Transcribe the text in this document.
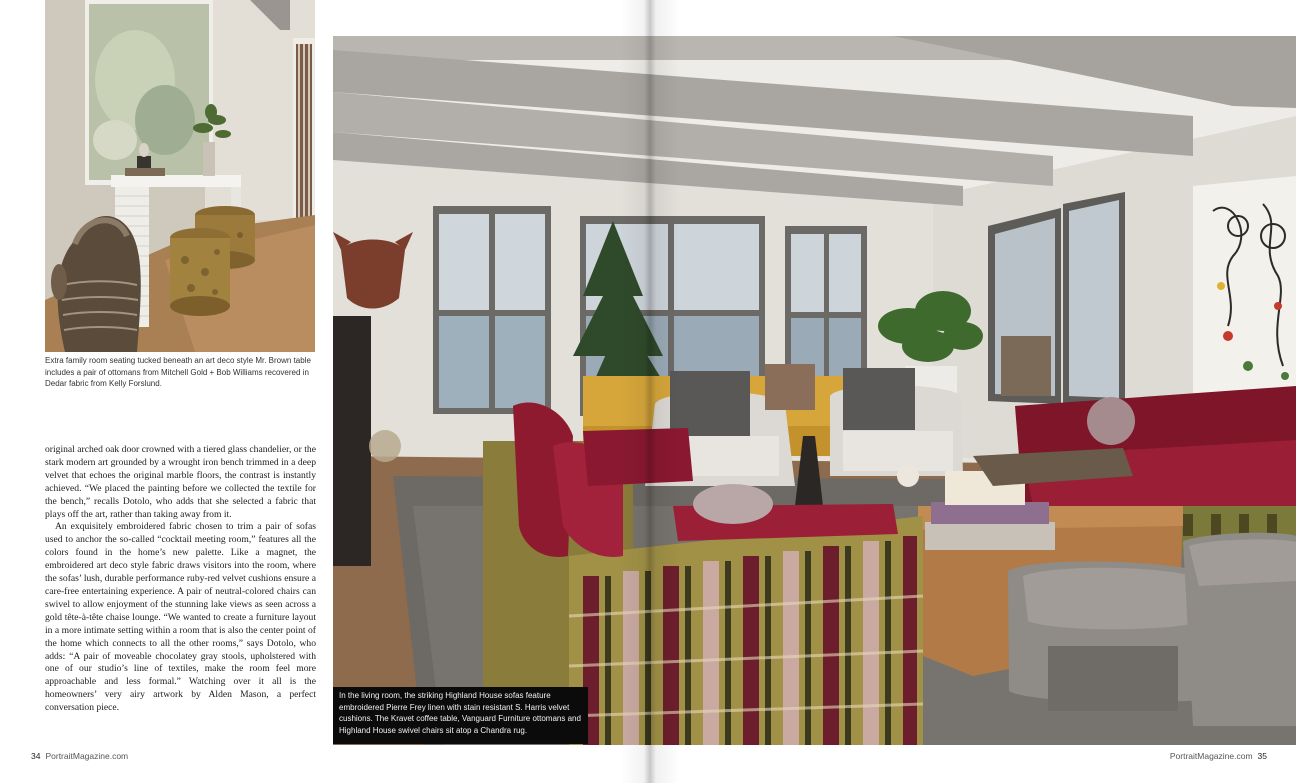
Extra family room seating tucked beneath an art deco style Mr. Brown table includes a pair of ottomans from Mitchell Gold + Bob Williams recovered in Dedar fabric from Kelly Forslund.

original arched oak door crowned with a tiered glass chandelier, or the stark modern art grounded by a wrought iron bench trimmed in a deep velvet that echoes the original marble floors, the contrast is instantly achieved. “We placed the painting before we collected the textile for the bench,” recalls Dotolo, who adds that she selected a fabric that plays off the art, rather than taking away from it.

An exquisitely embroidered fabric chosen to trim a pair of sofas used to anchor the so-called “cocktail meeting room,” features all the colors found in the home’s new palette. Like a magnet, the embroidered art deco style fabric draws visitors into the room, where the sofas’ lush, durable performance ruby-red velvet cushions ensure a care-free entertaining experience. A pair of neutral-colored chairs can swivel to allow enjoyment of the stunning lake views as seen across a gold tête-à-tête chaise lounge. “We wanted to create a furniture layout in a more intimate setting within a room that is also the center point of the home which connects to all the other rooms,” says Dotolo, who adds: “A pair of moveable chocolatey gray stools, upholstered with one of our studio’s line of textiles, make the room feel more approachable and less formal.” Watching over it all is the homeowners’ very airy artwork by Alden Mason, a perfect conversation piece.

34 PortraitMagazine.com
In the living room, the striking Highland House sofas feature embroidered Pierre Frey linen with stain resistant S. Harris velvet cushions. The Kravet coffee table, Vanguard Furniture ottomans and Highland House swivel chairs sit atop a Chandra rug.
PortraitMagazine.com 35
